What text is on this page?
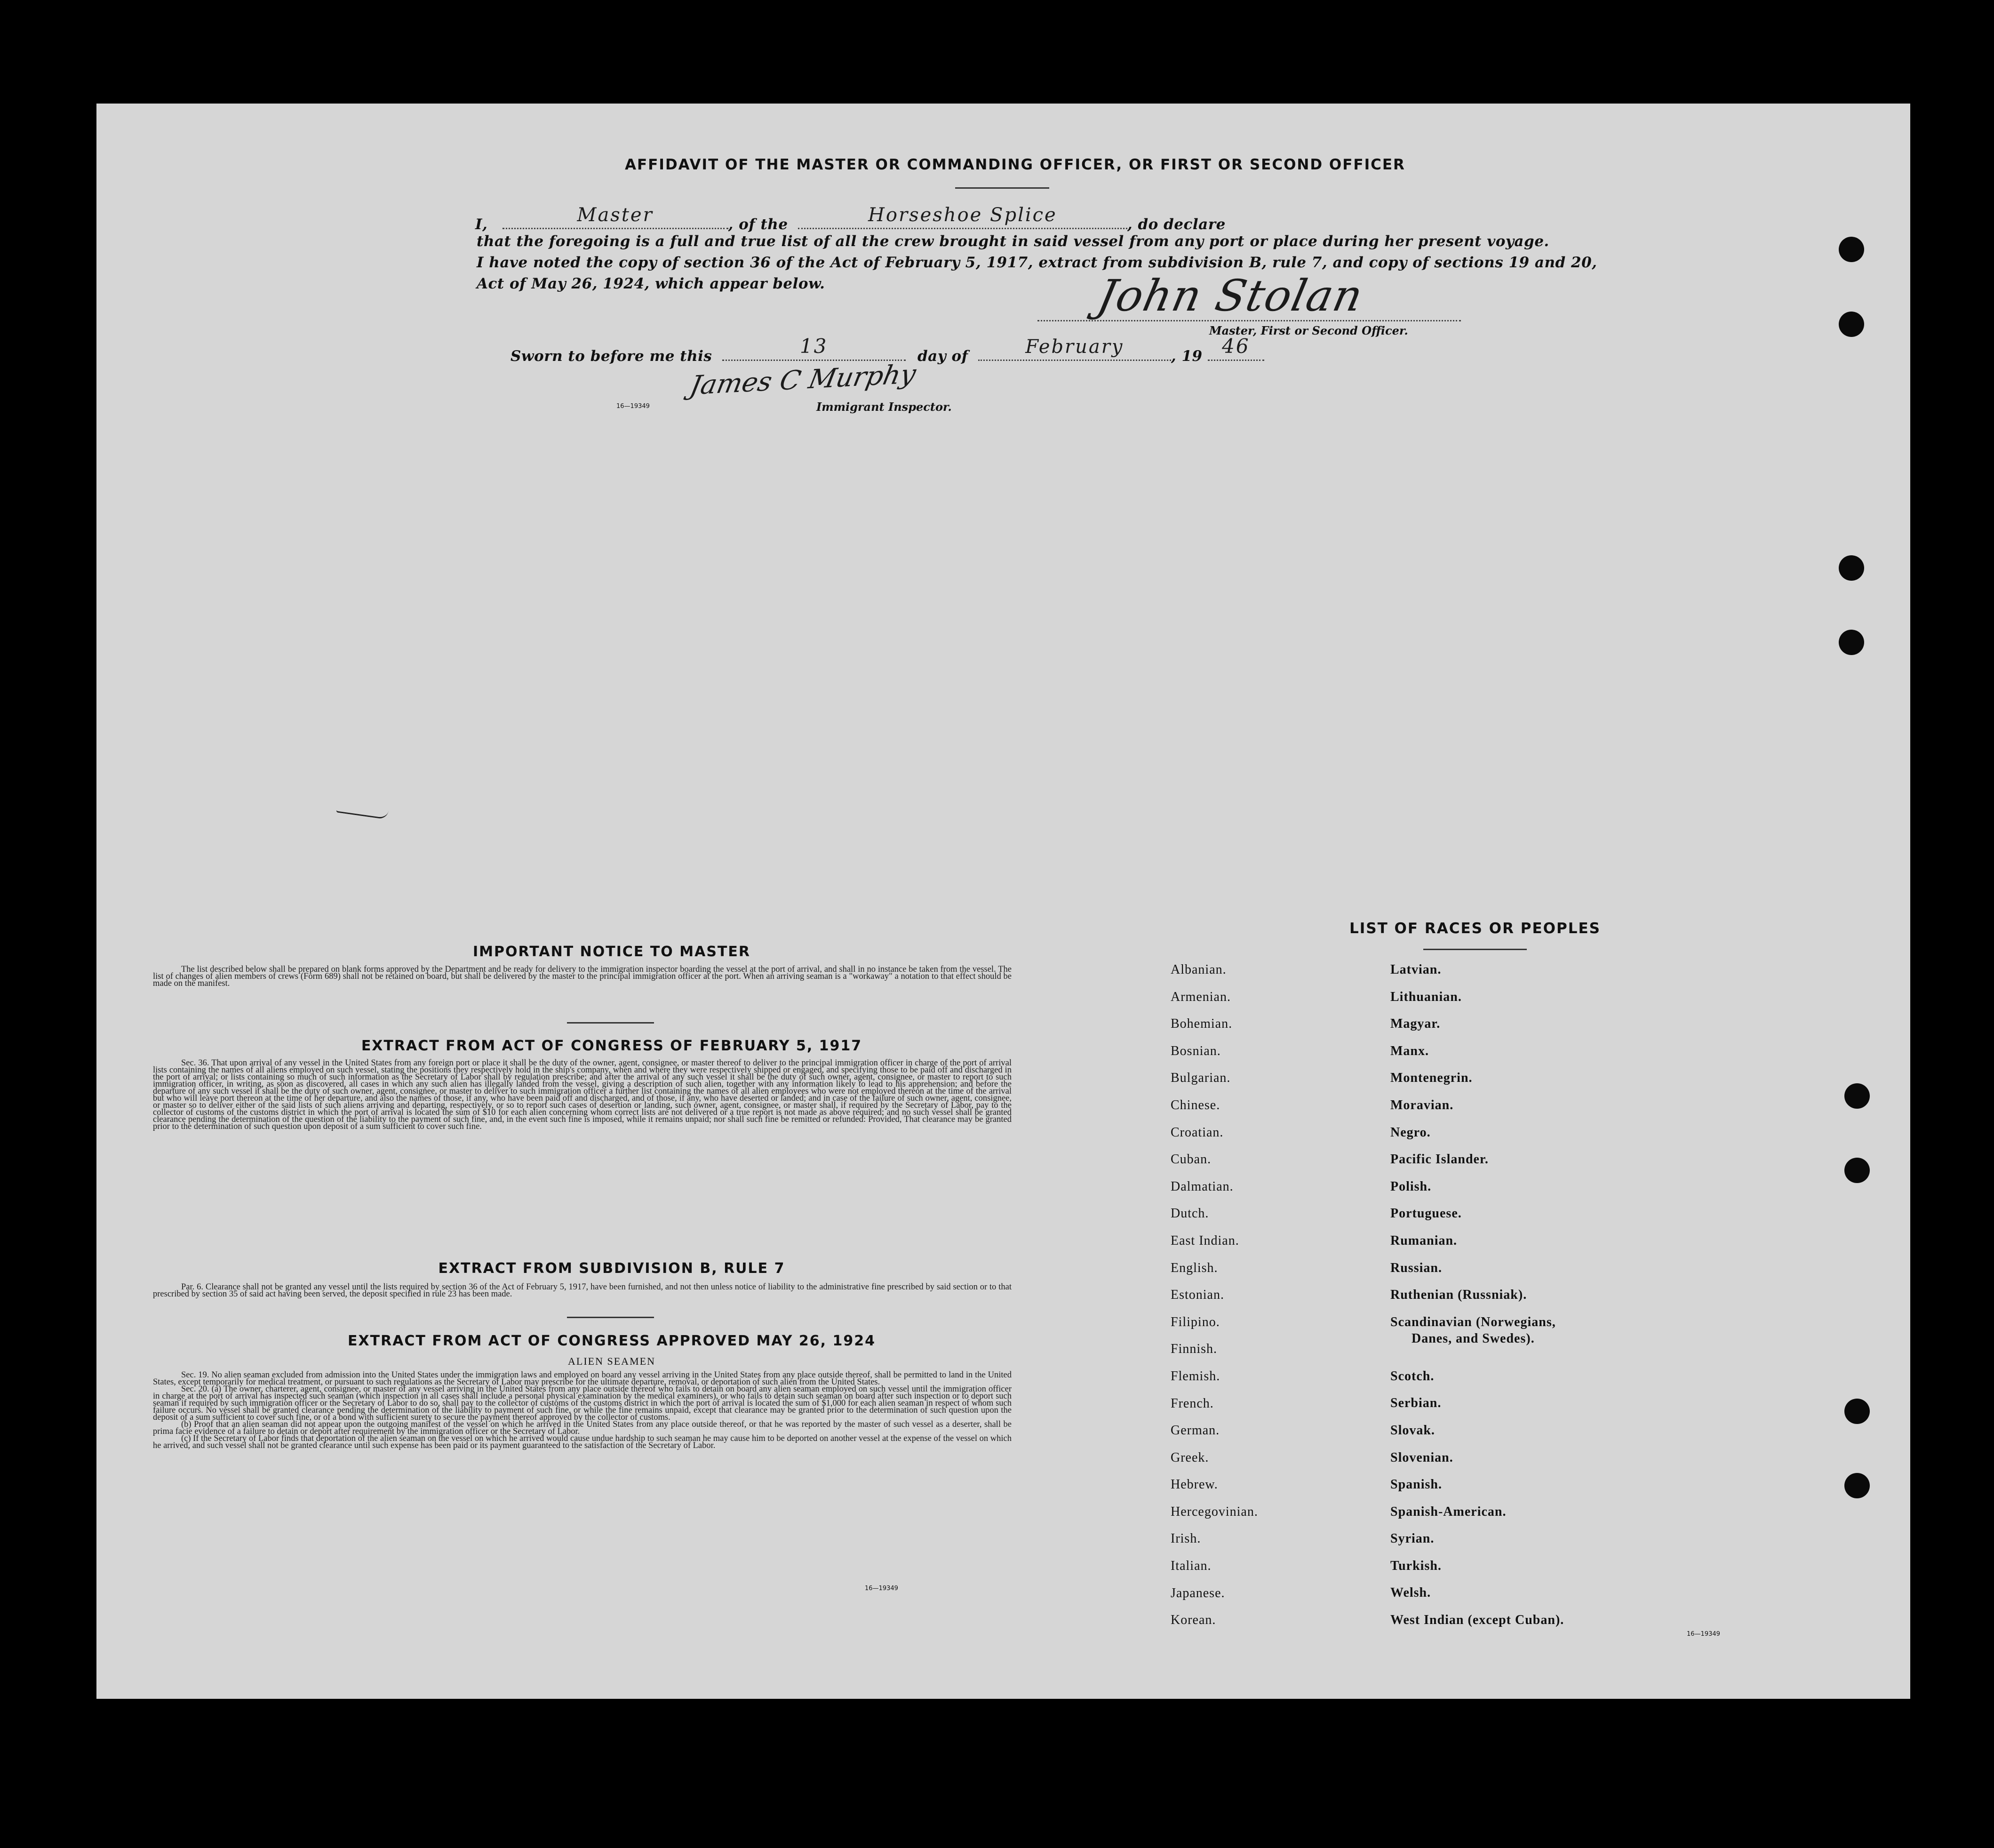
AFFIDAVIT OF THE MASTER OR COMMANDING OFFICER, OR FIRST OR SECOND OFFICER
I,	Master	, of the	Horseshoe Splice	, do declare
that the foregoing is a full and true list of all the crew brought in said vessel from any port or place during her present voyage.
I have noted the copy of section 36 of the Act of February 5, 1917, extract from subdivision B, rule 7, and copy of sections 19 and 20,
Act of May 26, 1924, which appear below.	John Stolan
Master, First or Second Officer.
Sworn to before me this	13	day of	February	, 19 46
James C Murphy
Immigrant Inspector.
16—19349
IMPORTANT NOTICE TO MASTER

The list described below shall be prepared on blank forms approved by the Department and be ready for delivery to the immigration inspector boarding the vessel at the port of arrival, and shall in no instance be taken from the vessel. The list of changes of alien members of crews (Form 689) shall not be retained on board, but shall be delivered by the master to the principal immigration officer at the port. When an arriving seaman is a "workaway" a notation to that effect should be made on the manifest.

EXTRACT FROM ACT OF CONGRESS OF FEBRUARY 5, 1917

Sec. 36. That upon arrival of any vessel in the United States from any foreign port or place it shall be the duty of the owner, agent, consignee, or master thereof to deliver to the principal immigration officer in charge of the port of arrival lists containing the names of all aliens employed on such vessel, stating the positions they respectively hold in the ship's company, when and where they were respectively shipped or engaged, and specifying those to be paid off and discharged in the port of arrival; or lists containing so much of such information as the Secretary of Labor shall by regulation prescribe; and after the arrival of any such vessel it shall be the duty of such owner, agent, consignee, or master to report to such immigration officer, in writing, as soon as discovered, all cases in which any such alien has illegally landed from the vessel, giving a description of such alien, together with any information likely to lead to his apprehension; and before the departure of any such vessel it shall be the duty of such owner, agent, consignee, or master to deliver to such immigration officer a further list containing the names of all alien employees who were not employed thereon at the time of the arrival but who will leave port thereon at the time of her departure, and also the names of those, if any, who have been paid off and discharged, and of those, if any, who have deserted or landed; and in case of the failure of such owner, agent, consignee, or master so to deliver either of the said lists of such aliens arriving and departing, respectively, or so to report such cases of desertion or landing, such owner, agent, consignee, or master shall, if required by the Secretary of Labor, pay to the collector of customs of the customs district in which the port of arrival is located the sum of $10 for each alien concerning whom correct lists are not delivered or a true report is not made as above required; and no such vessel shall be granted clearance pending the determination of the question of the liability to the payment of such fine, and, in the event such fine is imposed, while it remains unpaid; nor shall such fine be remitted or refunded: Provided, That clearance may be granted prior to the determination of such question upon deposit of a sum sufficient to cover such fine.

EXTRACT FROM SUBDIVISION B, RULE 7

Par. 6. Clearance shall not be granted any vessel until the lists required by section 36 of the Act of February 5, 1917, have been furnished, and not then unless notice of liability to the administrative fine prescribed by said section or to that prescribed by section 35 of said act having been served, the deposit specified in rule 23 has been made.

EXTRACT FROM ACT OF CONGRESS APPROVED MAY 26, 1924
ALIEN SEAMEN

Sec. 19. No alien seaman excluded from admission into the United States under the immigration laws and employed on board any vessel arriving in the United States from any place outside thereof, shall be permitted to land in the United States, except temporarily for medical treatment, or pursuant to such regulations as the Secretary of Labor may prescribe for the ultimate departure, removal, or deportation of such alien from the United States.

Sec. 20. (a) The owner, charterer, agent, consignee, or master of any vessel arriving in the United States from any place outside thereof who fails to detain on board any alien seaman employed on such vessel until the immigration officer in charge at the port of arrival has inspected such seaman (which inspection in all cases shall include a personal physical examination by the medical examiners), or who fails to detain such seaman on board after such inspection or to deport such seaman if required by such immigration officer or the Secretary of Labor to do so, shall pay to the collector of customs of the customs district in which the port of arrival is located the sum of $1,000 for each alien seaman in respect of whom such failure occurs. No vessel shall be granted clearance pending the determination of the liability to payment of such fine, or while the fine remains unpaid, except that clearance may be granted prior to the determination of such question upon the deposit of a sum sufficient to cover such fine, or of a bond with sufficient surety to secure the payment thereof approved by the collector of customs.

(b) Proof that an alien seaman did not appear upon the outgoing manifest of the vessel on which he arrived in the United States from any place outside thereof, or that he was reported by the master of such vessel as a deserter, shall be prima facie evidence of a failure to detain or deport after requirement by the immigration officer or the Secretary of Labor.

(c) If the Secretary of Labor finds that deportation of the alien seaman on the vessel on which he arrived would cause undue hardship to such seaman he may cause him to be deported on another vessel at the expense of the vessel on which he arrived, and such vessel shall not be granted clearance until such expense has been paid or its payment guaranteed to the satisfaction of the Secretary of Labor.

16—19349
LIST OF RACES OR PEOPLES
Albanian.
Armenian.
Bohemian.
Bosnian.
Bulgarian.
Chinese.
Croatian.
Cuban.
Dalmatian.
Dutch.
East Indian.
English.
Estonian.
Filipino.
Finnish.
Flemish.
French.
German.
Greek.
Hebrew.
Hercegovinian.
Irish.
Italian.
Japanese.
Korean.
Latvian.
Lithuanian.
Magyar.
Manx.
Montenegrin.
Moravian.
Negro.
Pacific Islander.
Polish.
Portuguese.
Rumanian.
Russian.
Ruthenian (Russniak).
Scandinavian (Norwegians,
Danes, and Swedes).
Scotch.
Serbian.
Slovak.
Slovenian.
Spanish.
Spanish-American.
Syrian.
Turkish.
Welsh.
West Indian (except Cuban).
16—19349
